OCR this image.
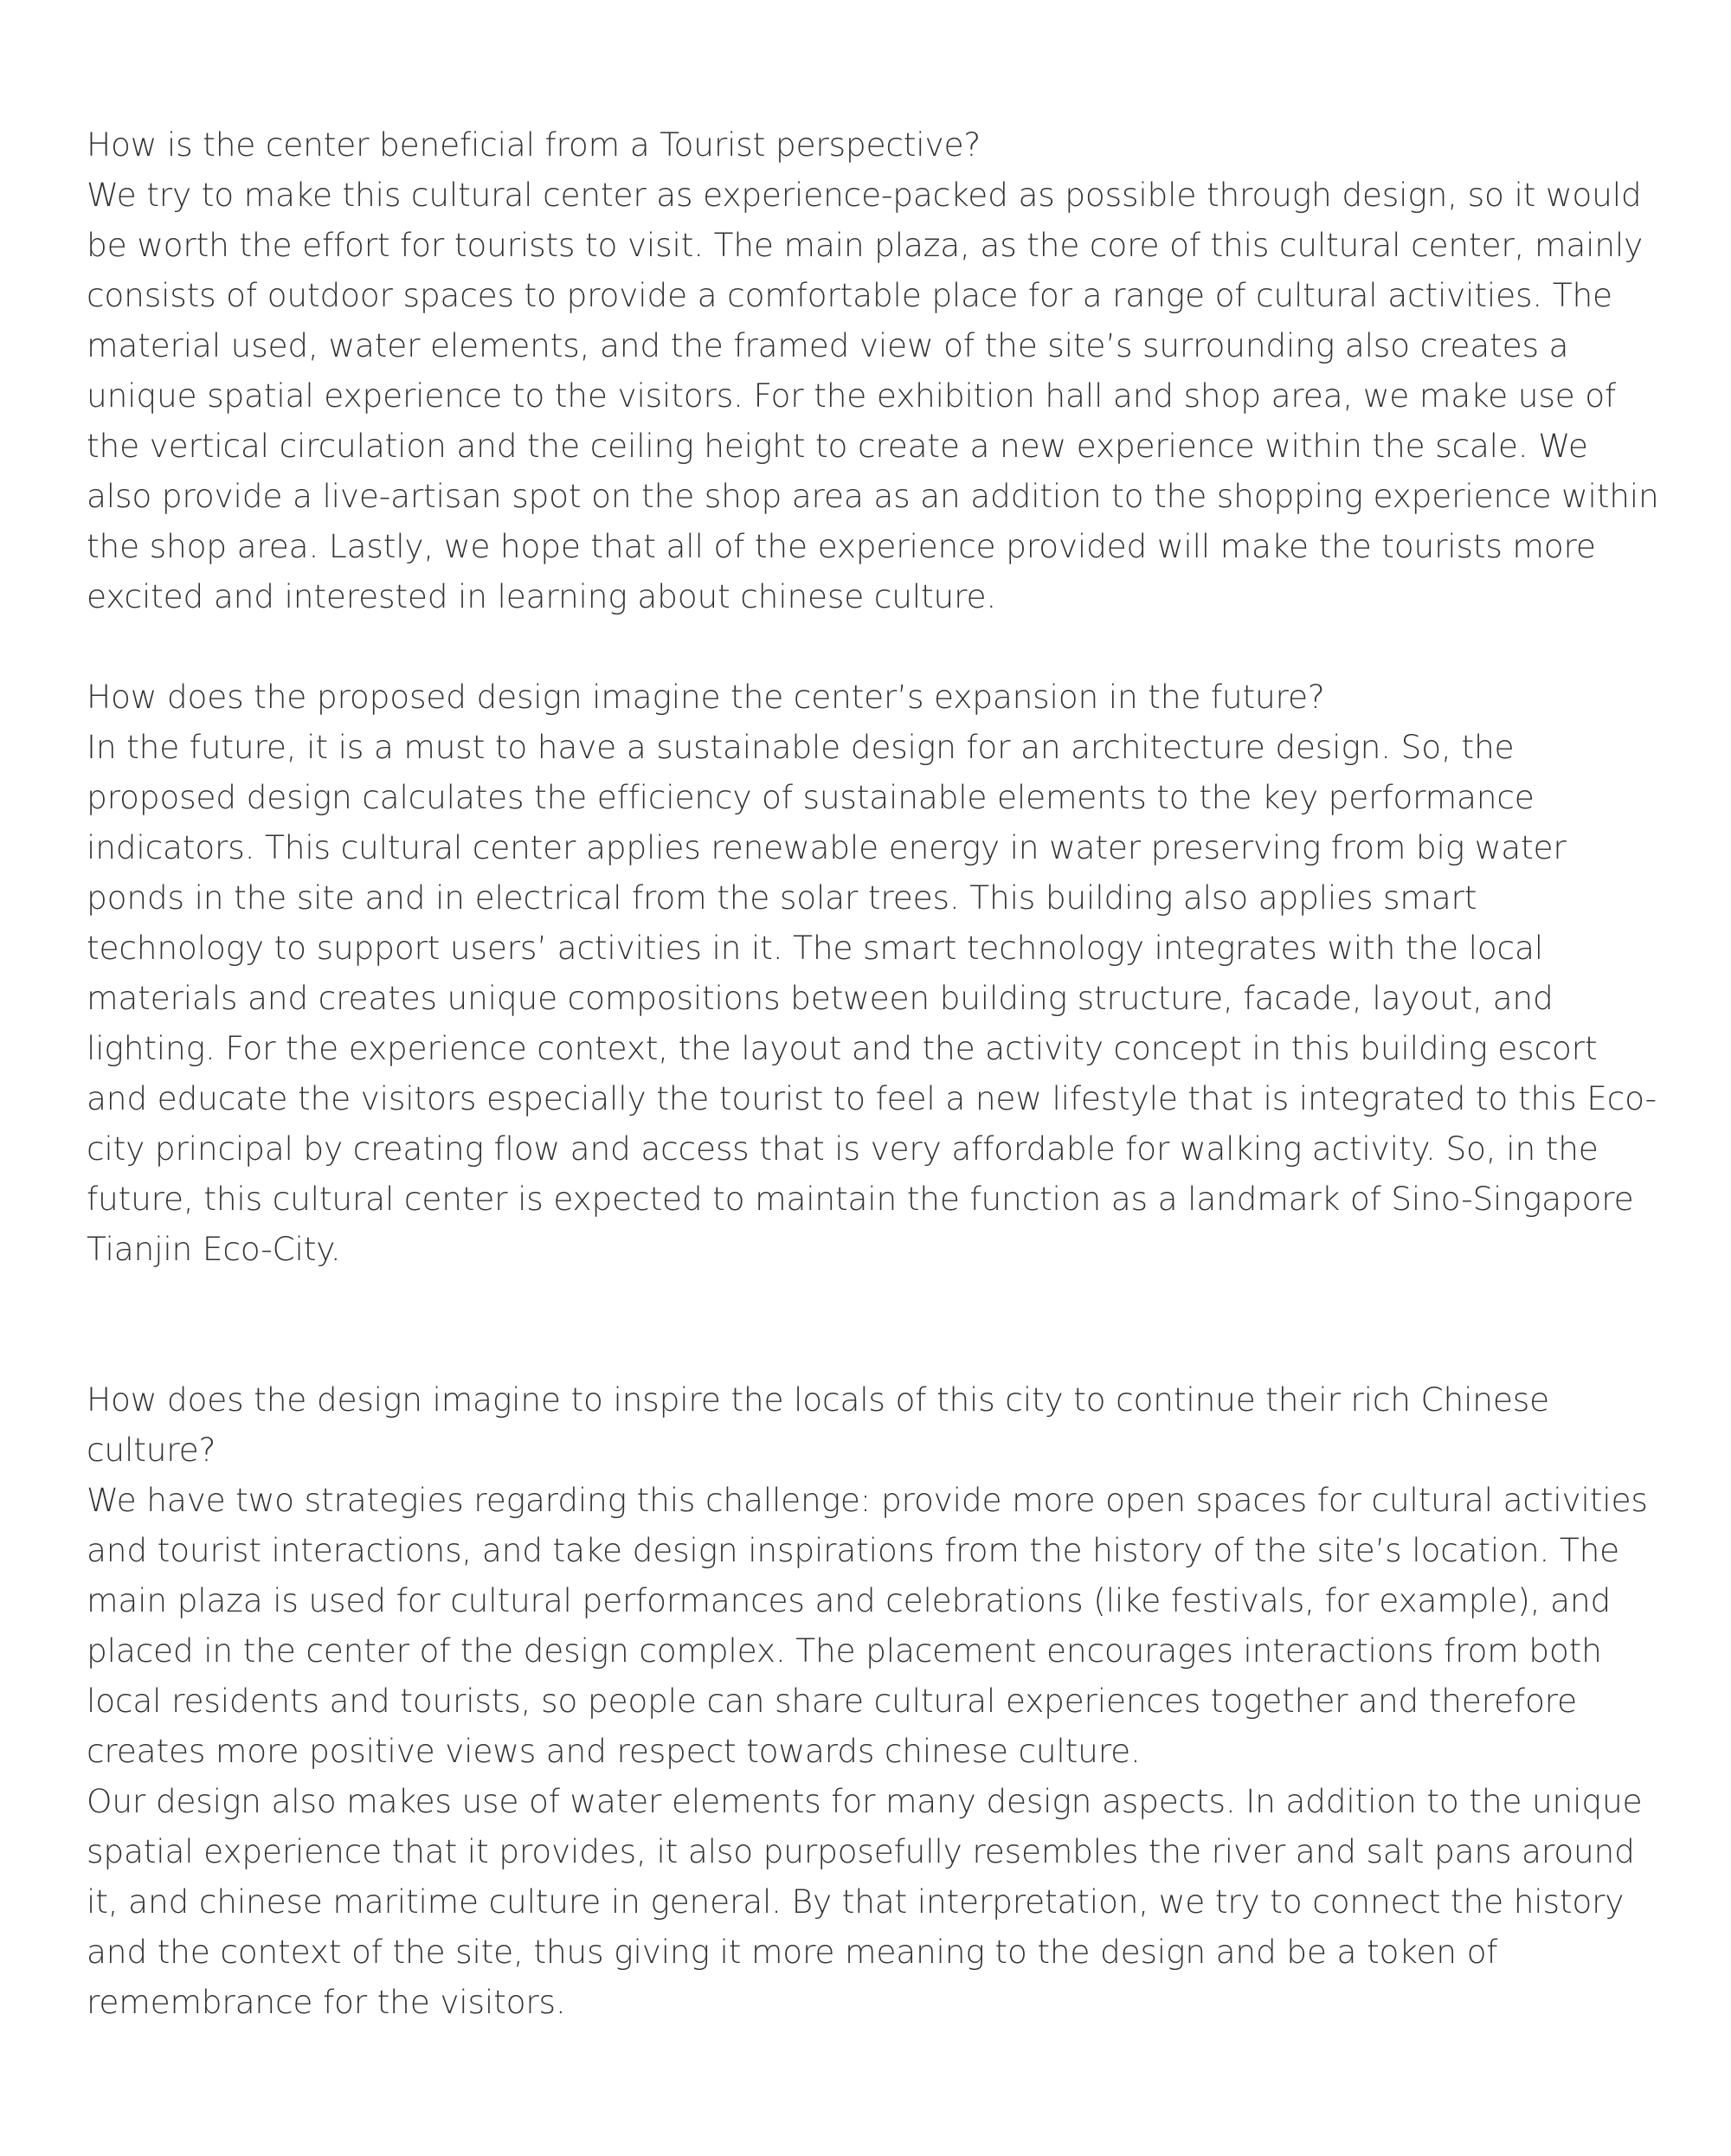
How is the center beneficial from a Tourist perspective?

We try to make this cultural center as experience-packed as possible through design, so it would be worth the effort for tourists to visit. The main plaza, as the core of this cultural center, mainly consists of outdoor spaces to provide a comfortable place for a range of cultural activities. The material used, water elements, and the framed view of the site’s surrounding also creates a unique spatial experience to the visitors. For the exhibition hall and shop area, we make use of the vertical circulation and the ceiling height to create a new experience within the scale. We also provide a live-artisan spot on the shop area as an addition to the shopping experience within the shop area. Lastly, we hope that all of the experience provided will make the tourists more excited and interested in learning about chinese culture.

How does the proposed design imagine the center’s expansion in the future?

In the future, it is a must to have a sustainable design for an architecture design. So, the proposed design calculates the efficiency of sustainable elements to the key performance indicators. This cultural center applies renewable energy in water preserving from big water ponds in the site and in electrical from the solar trees. This building also applies smart technology to support users’ activities in it. The smart technology integrates with the local materials and creates unique compositions between building structure, facade, layout, and lighting. For the experience context, the layout and the activity concept in this building escort and educate the visitors especially the tourist to feel a new lifestyle that is integrated to this Eco-city principal by creating flow and access that is very affordable for walking activity. So, in the future, this cultural center is expected to maintain the function as a landmark of Sino-Singapore Tianjin Eco-City.

How does the design imagine to inspire the locals of this city to continue their rich Chinese culture?

We have two strategies regarding this challenge: provide more open spaces for cultural activities and tourist interactions, and take design inspirations from the history of the site’s location. The main plaza is used for cultural performances and celebrations (like festivals, for example), and placed in the center of the design complex. The placement encourages interactions from both local residents and tourists, so people can share cultural experiences together and therefore creates more positive views and respect towards chinese culture.

Our design also makes use of water elements for many design aspects. In addition to the unique spatial experience that it provides, it also purposefully resembles the river and salt pans around it, and chinese maritime culture in general. By that interpretation, we try to connect the history and the context of the site, thus giving it more meaning to the design and be a token of remembrance for the visitors.
